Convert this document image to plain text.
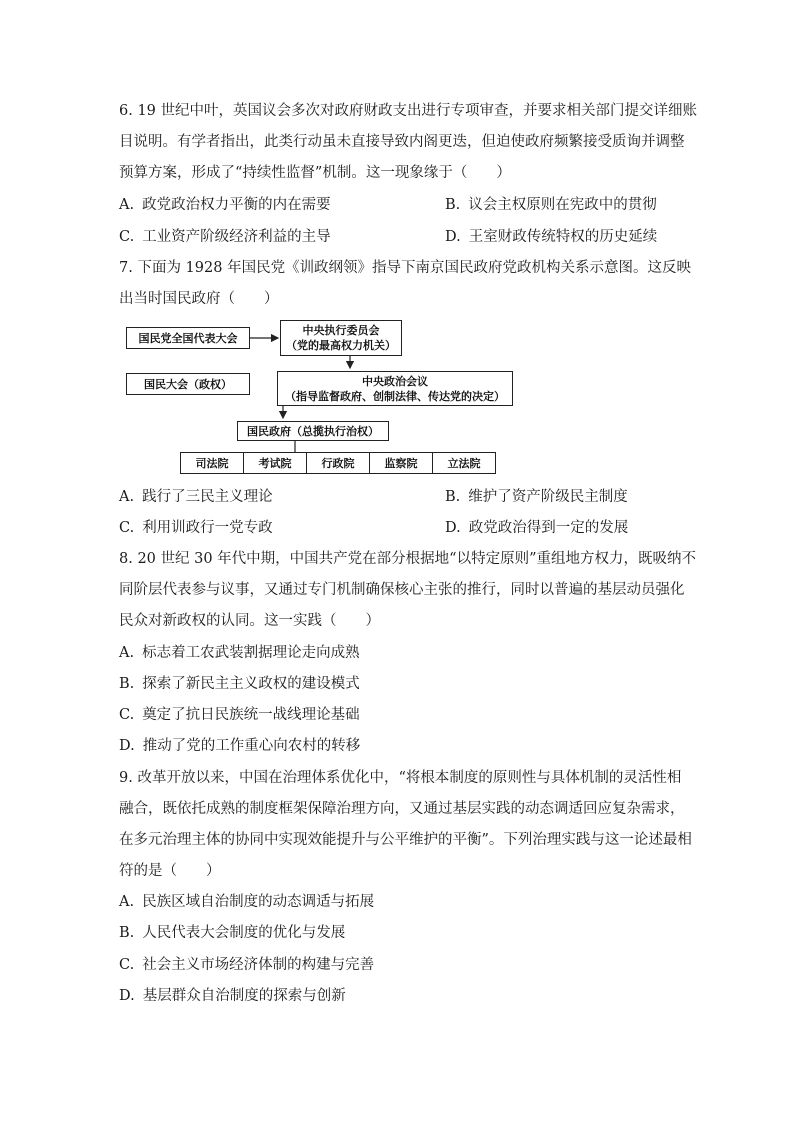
6. 19 世纪中叶，英国议会多次对政府财政支出进行专项审查，并要求相关部门提交详细账
目说明。有学者指出，此类行动虽未直接导致内阁更迭，但迫使政府频繁接受质询并调整
预算方案，形成了“持续性监督”机制。这一现象缘于（　　）
A. 政党政治权力平衡的内在需要	B. 议会主权原则在宪政中的贯彻
C. 工业资产阶级经济利益的主导	D. 王室财政传统特权的历史延续
7. 下面为 1928 年国民党《训政纲领》指导下南京国民政府党政机构关系示意图。这反映
出当时国民政府（　　）
国民党全国代表大会
中央执行委员会
（党的最高权力机关）
国民大会（政权）	中央政治会议
（指导监督政府、创制法律、传达党的决定）
国民政府（总揽执行治权）
司法院	考试院	行政院	监察院	立法院
A. 践行了三民主义理论	B. 维护了资产阶级民主制度
C. 利用训政行一党专政	D. 政党政治得到一定的发展
8. 20 世纪 30 年代中期，中国共产党在部分根据地“以特定原则”重组地方权力，既吸纳不
同阶层代表参与议事，又通过专门机制确保核心主张的推行，同时以普遍的基层动员强化
民众对新政权的认同。这一实践（　　）
A. 标志着工农武装割据理论走向成熟
B. 探索了新民主主义政权的建设模式
C. 奠定了抗日民族统一战线理论基础
D. 推动了党的工作重心向农村的转移
9. 改革开放以来，中国在治理体系优化中，“将根本制度的原则性与具体机制的灵活性相
融合，既依托成熟的制度框架保障治理方向，又通过基层实践的动态调适回应复杂需求，
在多元治理主体的协同中实现效能提升与公平维护的平衡”。下列治理实践与这一论述最相
符的是（　　）
A. 民族区域自治制度的动态调适与拓展
B. 人民代表大会制度的优化与发展
C. 社会主义市场经济体制的构建与完善
D. 基层群众自治制度的探索与创新
